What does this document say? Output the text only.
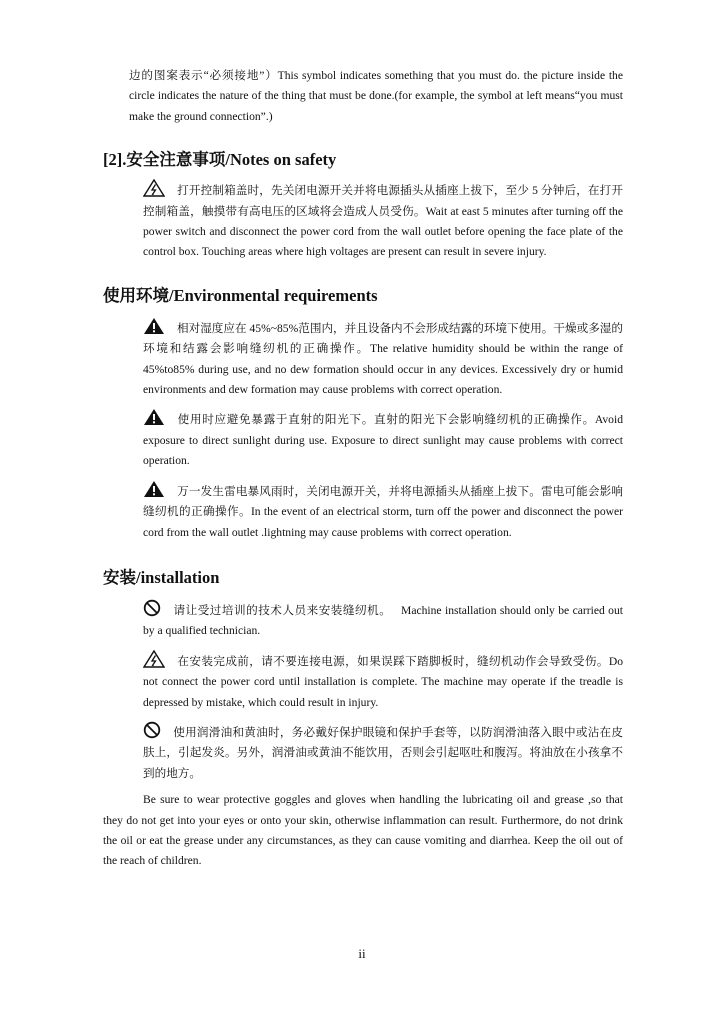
边的图案表示“必须接地”）This symbol indicates something that you must do. the picture inside the circle indicates the nature of the thing that must be done.(for example, the symbol at left means“you must make the ground connection”.)

[2].安全注意事项/Notes on safety

打开控制箱盖时，先关闭电源开关并将电源插头从插座上拔下，至少 5 分钟后，在打开控制箱盖，触摸带有高电压的区域将会造成人员受伤。Wait at east 5 minutes after turning off the power switch and disconnect the power cord from the wall outlet before opening the face plate of the control box. Touching areas where high voltages are present can result in severe injury.

使用环境/Environmental requirements

相对湿度应在 45%~85%范围内，并且设备内不会形成结露的环境下使用。干燥或多湿的环境和结露会影响缝纫机的正确操作。The relative humidity should be within the range of 45%to85% during use, and no dew formation should occur in any devices. Excessively dry or humid environments and dew formation may cause problems with correct operation.

使用时应避免暴露于直射的阳光下。直射的阳光下会影响缝纫机的正确操作。Avoid exposure to direct sunlight during use. Exposure to direct sunlight may cause problems with correct operation.

万一发生雷电暴风雨时，关闭电源开关，并将电源插头从插座上拔下。雷电可能会影响缝纫机的正确操作。In the event of an electrical storm, turn off the power and disconnect the power cord from the wall outlet .lightning may cause problems with correct operation.

安装/installation

请让受过培训的技术人员来安装缝纫机。　 Machine installation should only be carried out by a qualified technician.

在安装完成前，请不要连接电源，如果误踩下踏脚板时，缝纫机动作会导致受伤。Do not connect the power cord until installation is complete. The machine may operate if the treadle is depressed by mistake, which could result in injury.

使用润滑油和黄油时，务必戴好保护眼镜和保护手套等，以防润滑油落入眼中或沾在皮肤上，引起发炎。另外，润滑油或黄油不能饮用，否则会引起呕吐和腹泻。将油放在小孩拿不到的地方。

Be sure to wear protective goggles and gloves when handling the lubricating oil and grease ,so that they do not get into your eyes or onto your skin, otherwise inflammation can result. Furthermore, do not drink the oil or eat the grease under any circumstances, as they can cause vomiting and diarrhea. Keep the oil out of the reach of children.

ii
